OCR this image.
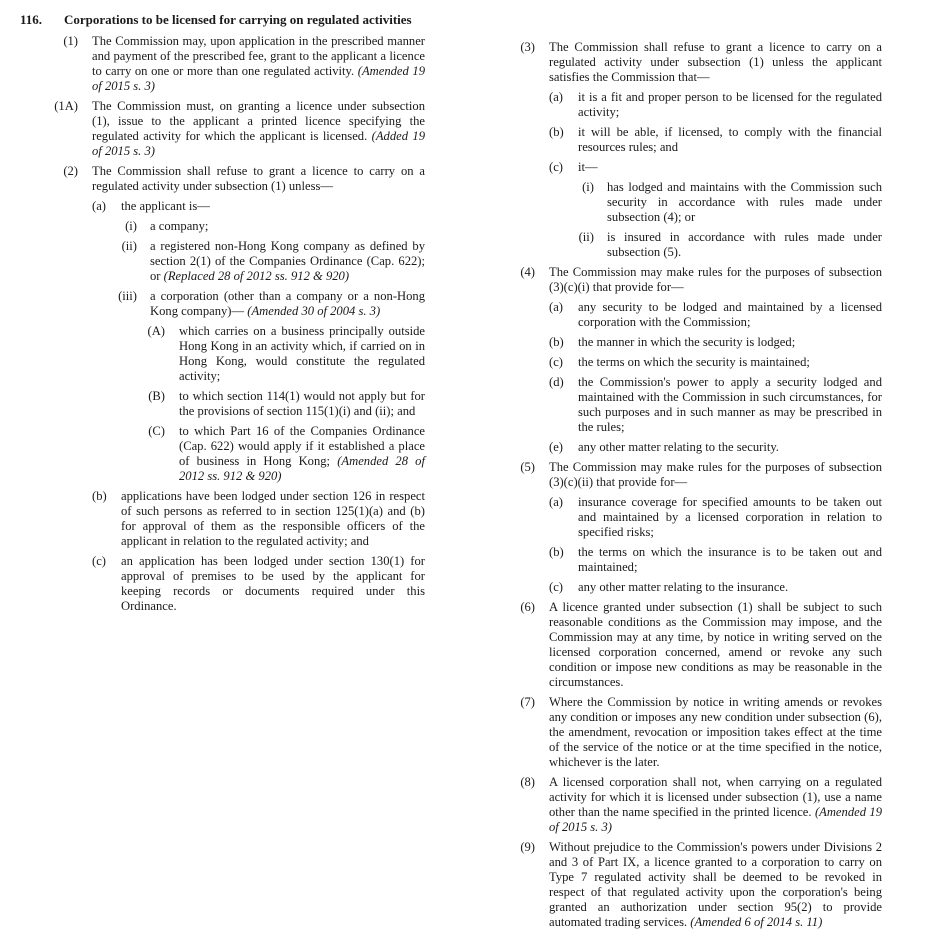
116. Corporations to be licensed for carrying on regulated activities
(1) The Commission may, upon application in the prescribed manner and payment of the prescribed fee, grant to the applicant a licence to carry on one or more than one regulated activity. (Amended 19 of 2015 s. 3)
(1A) The Commission must, on granting a licence under subsection (1), issue to the applicant a printed licence specifying the regulated activity for which the applicant is licensed. (Added 19 of 2015 s. 3)
(2) The Commission shall refuse to grant a licence to carry on a regulated activity under subsection (1) unless—
(a) the applicant is—
(i) a company;
(ii) a registered non-Hong Kong company as defined by section 2(1) of the Companies Ordinance (Cap. 622); or (Replaced 28 of 2012 ss. 912 & 920)
(iii) a corporation (other than a company or a non-Hong Kong company)— (Amended 30 of 2004 s. 3)
(A) which carries on a business principally outside Hong Kong in an activity which, if carried on in Hong Kong, would constitute the regulated activity;
(B) to which section 114(1) would not apply but for the provisions of section 115(1)(i) and (ii); and
(C) to which Part 16 of the Companies Ordinance (Cap. 622) would apply if it established a place of business in Hong Kong; (Amended 28 of 2012 ss. 912 & 920)
(b) applications have been lodged under section 126 in respect of such persons as referred to in section 125(1)(a) and (b) for approval of them as the responsible officers of the applicant in relation to the regulated activity; and
(c) an application has been lodged under section 130(1) for approval of premises to be used by the applicant for keeping records or documents required under this Ordinance.
(3) The Commission shall refuse to grant a licence to carry on a regulated activity under subsection (1) unless the applicant satisfies the Commission that—
(a) it is a fit and proper person to be licensed for the regulated activity;
(b) it will be able, if licensed, to comply with the financial resources rules; and
(c) it—
(i) has lodged and maintains with the Commission such security in accordance with rules made under subsection (4); or
(ii) is insured in accordance with rules made under subsection (5).
(4) The Commission may make rules for the purposes of subsection (3)(c)(i) that provide for—
(a) any security to be lodged and maintained by a licensed corporation with the Commission;
(b) the manner in which the security is lodged;
(c) the terms on which the security is maintained;
(d) the Commission's power to apply a security lodged and maintained with the Commission in such circumstances, for such purposes and in such manner as may be prescribed in the rules;
(e) any other matter relating to the security.
(5) The Commission may make rules for the purposes of subsection (3)(c)(ii) that provide for—
(a) insurance coverage for specified amounts to be taken out and maintained by a licensed corporation in relation to specified risks;
(b) the terms on which the insurance is to be taken out and maintained;
(c) any other matter relating to the insurance.
(6) A licence granted under subsection (1) shall be subject to such reasonable conditions as the Commission may impose, and the Commission may at any time, by notice in writing served on the licensed corporation concerned, amend or revoke any such condition or impose new conditions as may be reasonable in the circumstances.
(7) Where the Commission by notice in writing amends or revokes any condition or imposes any new condition under subsection (6), the amendment, revocation or imposition takes effect at the time of the service of the notice or at the time specified in the notice, whichever is the later.
(8) A licensed corporation shall not, when carrying on a regulated activity for which it is licensed under subsection (1), use a name other than the name specified in the printed licence. (Amended 19 of 2015 s. 3)
(9) Without prejudice to the Commission's powers under Divisions 2 and 3 of Part IX, a licence granted to a corporation to carry on Type 7 regulated activity shall be deemed to be revoked in respect of that regulated activity upon the corporation's being granted an authorization under section 95(2) to provide automated trading services. (Amended 6 of 2014 s. 11)
